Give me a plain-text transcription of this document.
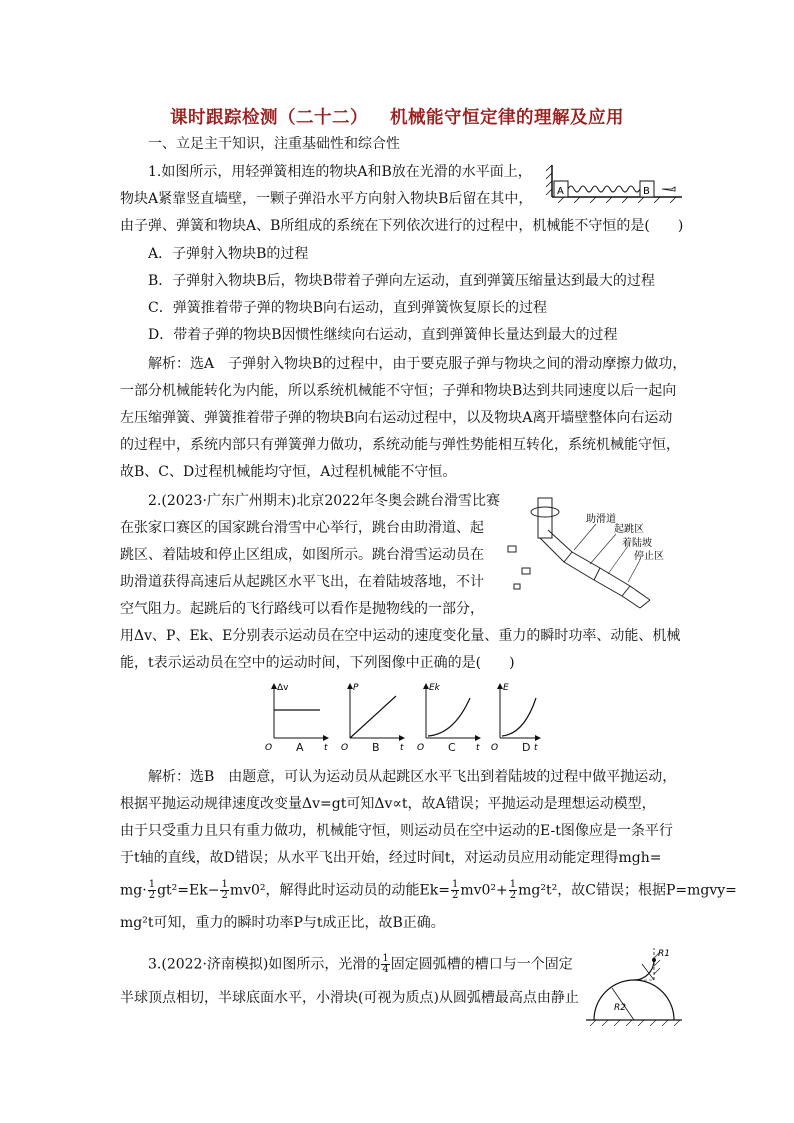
课时跟踪检测（二十二） 机械能守恒定律的理解及应用
一、立足主干知识，注重基础性和综合性
1.如图所示，用轻弹簧相连的物块A和B放在光滑的水平面上，
物块A紧靠竖直墙壁，一颗子弹沿水平方向射入物块B后留在其中，
由子弹、弹簧和物块A、B所组成的系统在下列依次进行的过程中，机械能不守恒的是(　　)
A	B
A．子弹射入物块B的过程
B．子弹射入物块B后，物块B带着子弹向左运动，直到弹簧压缩量达到最大的过程
C．弹簧推着带子弹的物块B向右运动，直到弹簧恢复原长的过程
D．带着子弹的物块B因惯性继续向右运动，直到弹簧伸长量达到最大的过程
解析：选A　子弹射入物块B的过程中，由于要克服子弹与物块之间的滑动摩擦力做功，
一部分机械能转化为内能，所以系统机械能不守恒；子弹和物块B达到共同速度以后一起向
左压缩弹簧、弹簧推着带子弹的物块B向右运动过程中，以及物块A离开墙壁整体向右运动
的过程中，系统内部只有弹簧弹力做功，系统动能与弹性势能相互转化，系统机械能守恒，
故B、C、D过程机械能均守恒，A过程机械能不守恒。
2.(2023·广东广州期末)北京2022年冬奥会跳台滑雪比赛
在张家口赛区的国家跳台滑雪中心举行，跳台由助滑道、起
跳区、着陆坡和停止区组成，如图所示。跳台滑雪运动员在
助滑道获得高速后从起跳区水平飞出，在着陆坡落地，不计
空气阻力。起跳后的飞行路线可以看作是抛物线的一部分，
用Δv、P、Ek、E分别表示运动员在空中运动的速度变化量、重力的瞬时功率、动能、机械
能，t表示运动员在空中的运动时间，下列图像中正确的是(　　)
助滑道
起跳区
着陆坡
停止区
Δv
t
O
P
t
O
Ek
t
O
E
t
O
A	B	C	D
解析：选B　由题意，可认为运动员从起跳区水平飞出到着陆坡的过程中做平抛运动，
根据平抛运动规律速度改变量Δv=gt可知Δv∝t，故A错误；平抛运动是理想运动模型，
由于只受重力且只有重力做功，机械能守恒，则运动员在空中运动的E-t图像应是一条平行
于t轴的直线，故D错误；从水平飞出开始，经过时间t，对运动员应用动能定理得mgh=
$mg\cdot \frac{1}{2} gt^2=Ek- \frac{1}{2} mv0^2$，解得此时运动员的动能$Ek= \frac{1}{2} mv0^2+ \frac{1}{2} mg^2t^2$，故C错误；根据P=mgvy=
mg²t可知，重力的瞬时功率P与t成正比，故B正确。
3.(2022·济南模拟)如图所示，光滑的 $\frac{1}{4}$ 固定圆弧槽的槽口与一个固定
半球顶点相切，半球底面水平，小滑块(可视为质点)从圆弧槽最高点由静止
R2
R1
